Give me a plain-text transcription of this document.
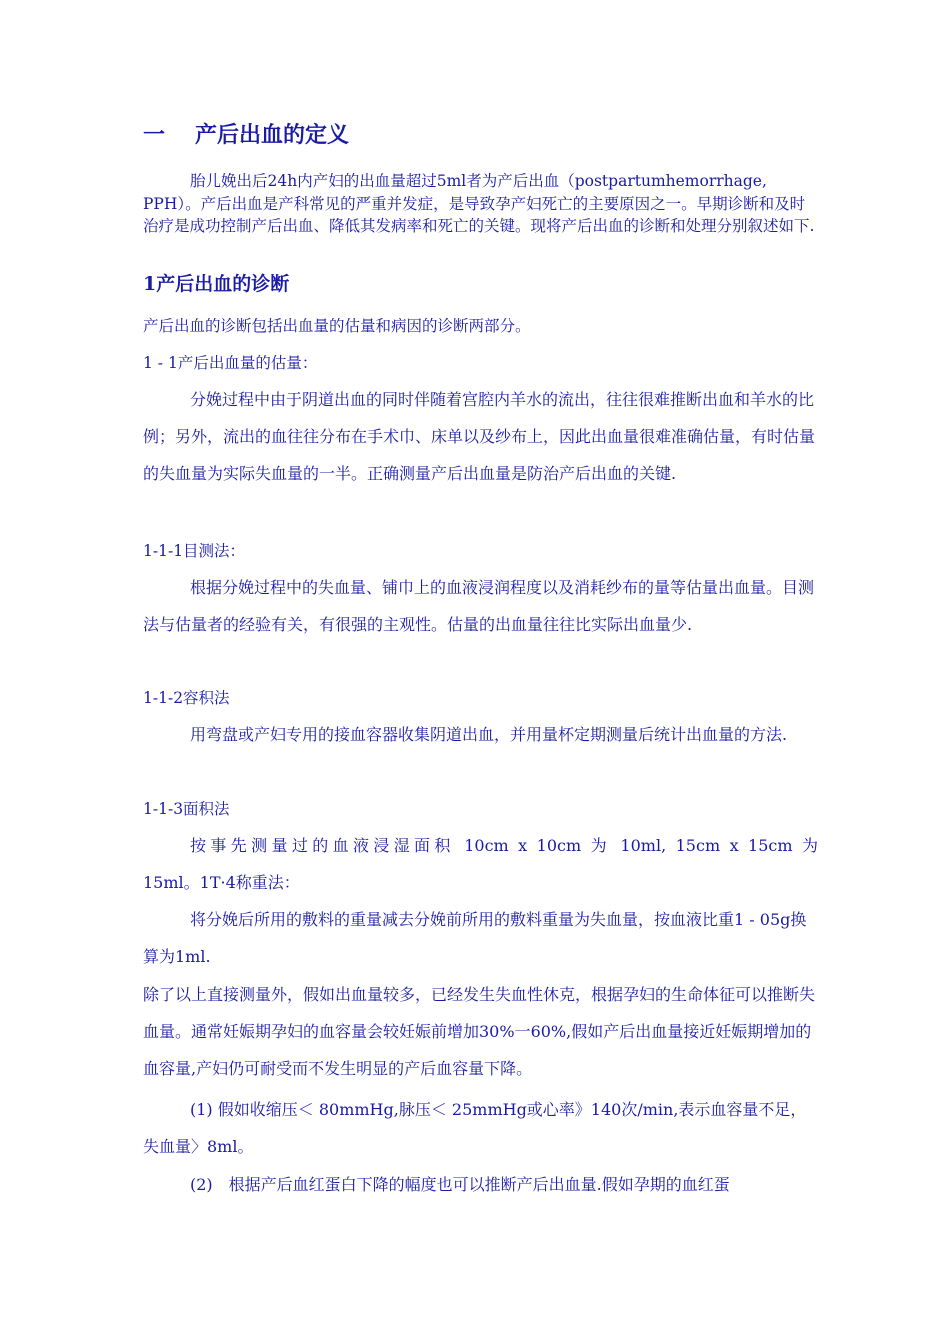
一 产后出血的定义

胎儿娩出后24h内产妇的出血量超过5ml者为产后出血（postpartumhemorrhage, PPH）。产后出血是产科常见的严重并发症，是导致孕产妇死亡的主要原因之一。早期诊断和及时治疗是成功控制产后出血、降低其发病率和死亡的关键。现将产后出血的诊断和处理分别叙述如下.

1产后出血的诊断

产后出血的诊断包括出血量的估量和病因的诊断两部分。

1 - 1产后出血量的估量：

分娩过程中由于阴道出血的同时伴随着宫腔内羊水的流出，往往很难推断出血和羊水的比例；另外，流出的血往往分布在手术巾、床单以及纱布上，因此出血量很难准确估量，有时估量的失血量为实际失血量的一半。正确测量产后出血量是防治产后出血的关键.

1-1-1目测法：

根据分娩过程中的失血量、铺巾上的血液浸润程度以及消耗纱布的量等估量出血量。目测法与估量者的经验有关，有很强的主观性。估量的出血量往往比实际出血量少.

1-1-2容积法

用弯盘或产妇专用的接血容器收集阴道出血，并用量杯定期测量后统计出血量的方法.

1-1-3面积法

按事先测量过的血液浸湿面积 10cm x 10cm 为 10ml, 15cm x 15cm 为

15ml。1T·4称重法：

将分娩后所用的敷料的重量减去分娩前所用的敷料重量为失血量，按血液比重1 - 05g换算为1ml.

除了以上直接测量外，假如出血量较多，已经发生失血性休克，根据孕妇的生命体征可以推断失血量。通常妊娠期孕妇的血容量会较妊娠前增加30%一60%,假如产后出血量接近妊娠期增加的血容量,产妇仍可耐受而不发生明显的产后血容量下降。

(1) 假如收缩压＜ 80mmHg,脉压＜ 25mmHg或心率》140次/min,表示血容量不足，失血量〉8ml。

(2)　根据产后血红蛋白下降的幅度也可以推断产后出血量.假如孕期的血红蛋
